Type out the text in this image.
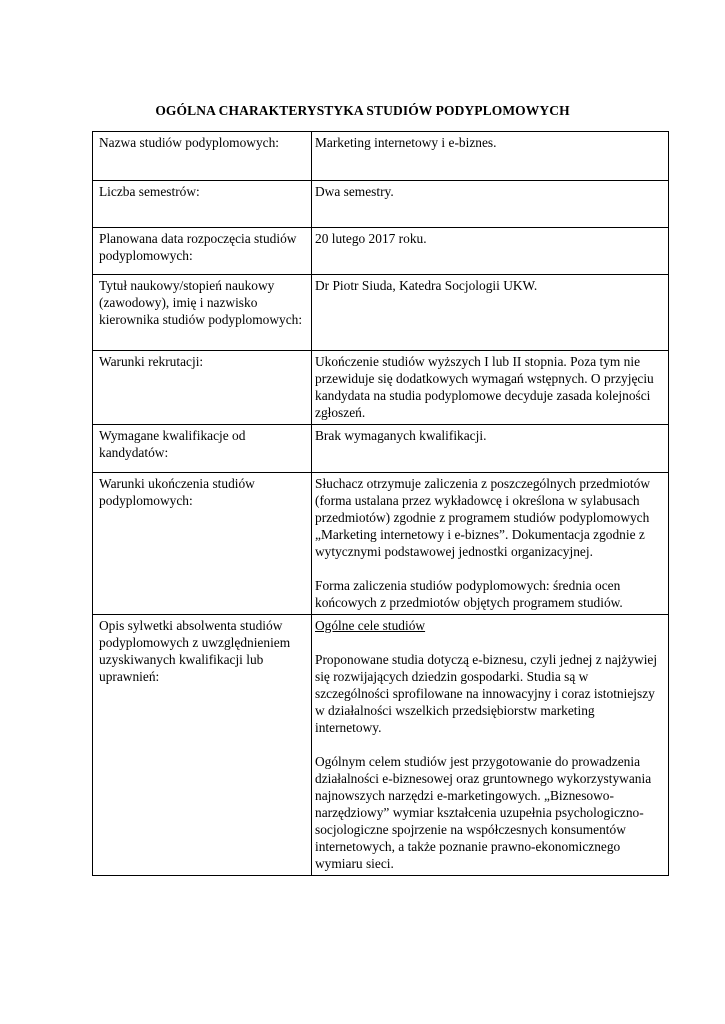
OGÓLNA CHARAKTERYSTYKA STUDIÓW PODYPLOMOWYCH
Nazwa studiów podyplomowych:	Marketing internetowy i e-biznes.

Liczba semestrów:	Dwa semestry.

Planowana data rozpoczęcia studiów podyplomowych:	20 lutego 2017 roku.

Tytuł naukowy/stopień naukowy (zawodowy), imię i nazwisko kierownika studiów podyplomowych:	Dr Piotr Siuda, Katedra Socjologii UKW.

Warunki rekrutacji:	Ukończenie studiów wyższych I lub II stopnia. Poza tym nie przewiduje się dodatkowych wymagań wstępnych. O przyjęciu kandydata na studia podyplomowe decyduje zasada kolejności zgłoszeń.

Wymagane kwalifikacje od kandydatów:	Brak wymaganych kwalifikacji.

Warunki ukończenia studiów podyplomowych:	Słuchacz otrzymuje zaliczenia z poszczególnych przedmiotów (forma ustalana przez wykładowcę i określona w sylabusach przedmiotów) zgodnie z programem studiów podyplomowych „Marketing internetowy i e-biznes”. Dokumentacja zgodnie z wytycznymi podstawowej jednostki organizacyjnej.

Forma zaliczenia studiów podyplomowych: średnia ocen końcowych z przedmiotów objętych programem studiów.

Opis sylwetki absolwenta studiów podyplomowych z uwzględnieniem uzyskiwanych kwalifikacji lub uprawnień:	Ogólne cele studiów

Proponowane studia dotyczą e-biznesu, czyli jednej z najżywiej się rozwijających dziedzin gospodarki. Studia są w szczególności sprofilowane na innowacyjny i coraz istotniejszy w działalności wszelkich przedsiębiorstw marketing internetowy.

Ogólnym celem studiów jest przygotowanie do prowadzenia działalności e-biznesowej oraz gruntownego wykorzystywania najnowszych narzędzi e-marketingowych. „Biznesowo-narzędziowy” wymiar kształcenia uzupełnia psychologiczno-socjologiczne spojrzenie na współczesnych konsumentów internetowych, a także poznanie prawno-ekonomicznego wymiaru sieci.
